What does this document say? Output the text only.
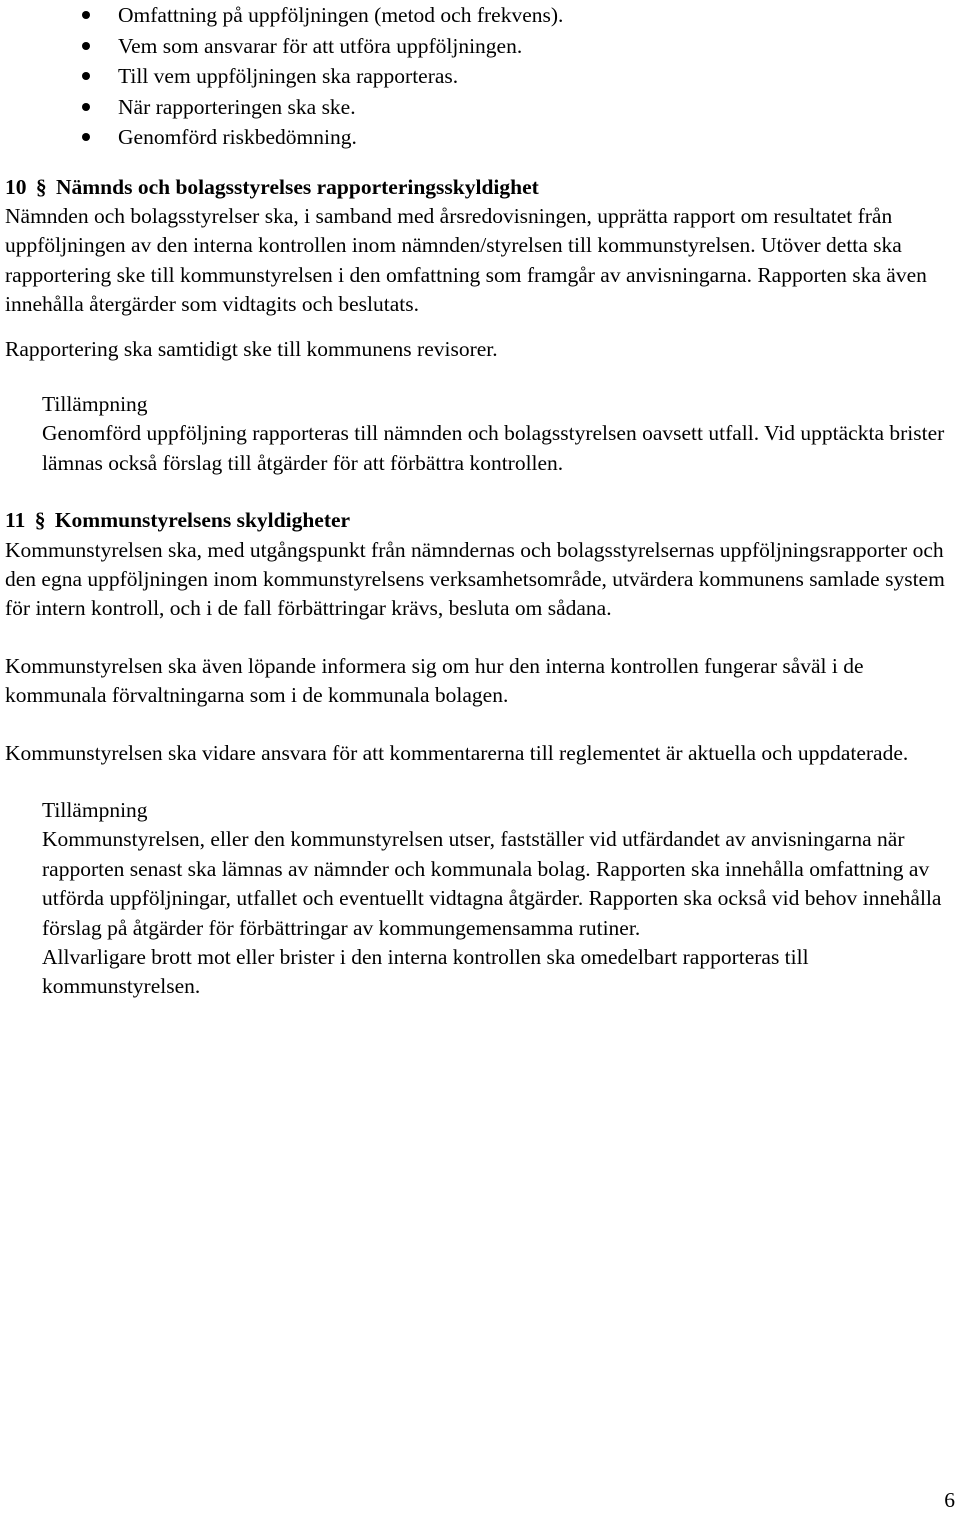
Omfattning på uppföljningen (metod och frekvens).
Vem som ansvarar för att utföra uppföljningen.
Till vem uppföljningen ska rapporteras.
När rapporteringen ska ske.
Genomförd riskbedömning.
10 § Nämnds och bolagsstyrelses rapporteringsskyldighet

Nämnden och bolagsstyrelser ska, i samband med årsredovisningen, upprätta rapport om resultatet från uppföljningen av den interna kontrollen inom nämnden/styrelsen till kommunstyrelsen. Utöver detta ska rapportering ske till kommunstyrelsen i den omfattning som framgår av anvisningarna. Rapporten ska även innehålla återgärder som vidtagits och beslutats.

Rapportering ska samtidigt ske till kommunens revisorer.

Tillämpning

Genomförd uppföljning rapporteras till nämnden och bolagsstyrelsen oavsett utfall. Vid upptäckta brister lämnas också förslag till åtgärder för att förbättra kontrollen.

11 § Kommunstyrelsens skyldigheter

Kommunstyrelsen ska, med utgångspunkt från nämndernas och bolagsstyrelsernas uppföljningsrapporter och den egna uppföljningen inom kommunstyrelsens verksamhetsområde, utvärdera kommunens samlade system för intern kontroll, och i de fall förbättringar krävs, besluta om sådana.

Kommunstyrelsen ska även löpande informera sig om hur den interna kontrollen fungerar såväl i de kommunala förvaltningarna som i de kommunala bolagen.

Kommunstyrelsen ska vidare ansvara för att kommentarerna till reglementet är aktuella och uppdaterade.

Tillämpning

Kommunstyrelsen, eller den kommunstyrelsen utser, fastställer vid utfärdandet av anvisningarna när rapporten senast ska lämnas av nämnder och kommunala bolag. Rapporten ska innehålla omfattning av utförda uppföljningar, utfallet och eventuellt vidtagna åtgärder. Rapporten ska också vid behov innehålla förslag på åtgärder för förbättringar av kommungemensamma rutiner.

Allvarligare brott mot eller brister i den interna kontrollen ska omedelbart rapporteras till kommunstyrelsen.

6
